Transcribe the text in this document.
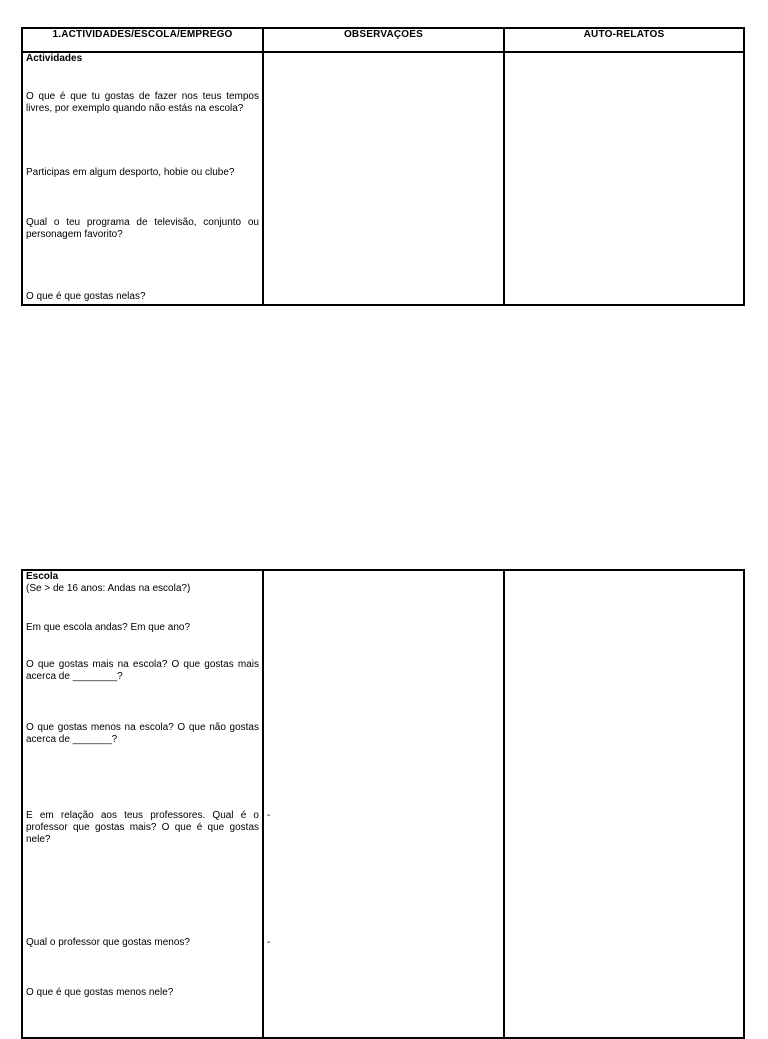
1.ACTIVIDADES/ESCOLA/EMPREGO	OBSERVAÇOES	AUTO-RELATOS
Actividades
O que é que tu gostas de fazer nos teus tempos livres, por exemplo quando não estás na escola?
Participas em algum desporto, hobie ou clube?
Qual o teu programa de televisão, conjunto ou personagem favorito?
O que é que gostas nelas?
Escola
(Se > de 16 anos: Andas na escola?)
Em que escola andas? Em que ano?
O que gostas mais na escola? O que gostas mais acerca de ________?
O que gostas menos na escola? O que não gostas acerca de _______?
E em relação aos teus professores. Qual é o professor que gostas mais? O que é que gostas nele?
Qual o professor que gostas menos?
O que é que gostas menos nele?
-
-
